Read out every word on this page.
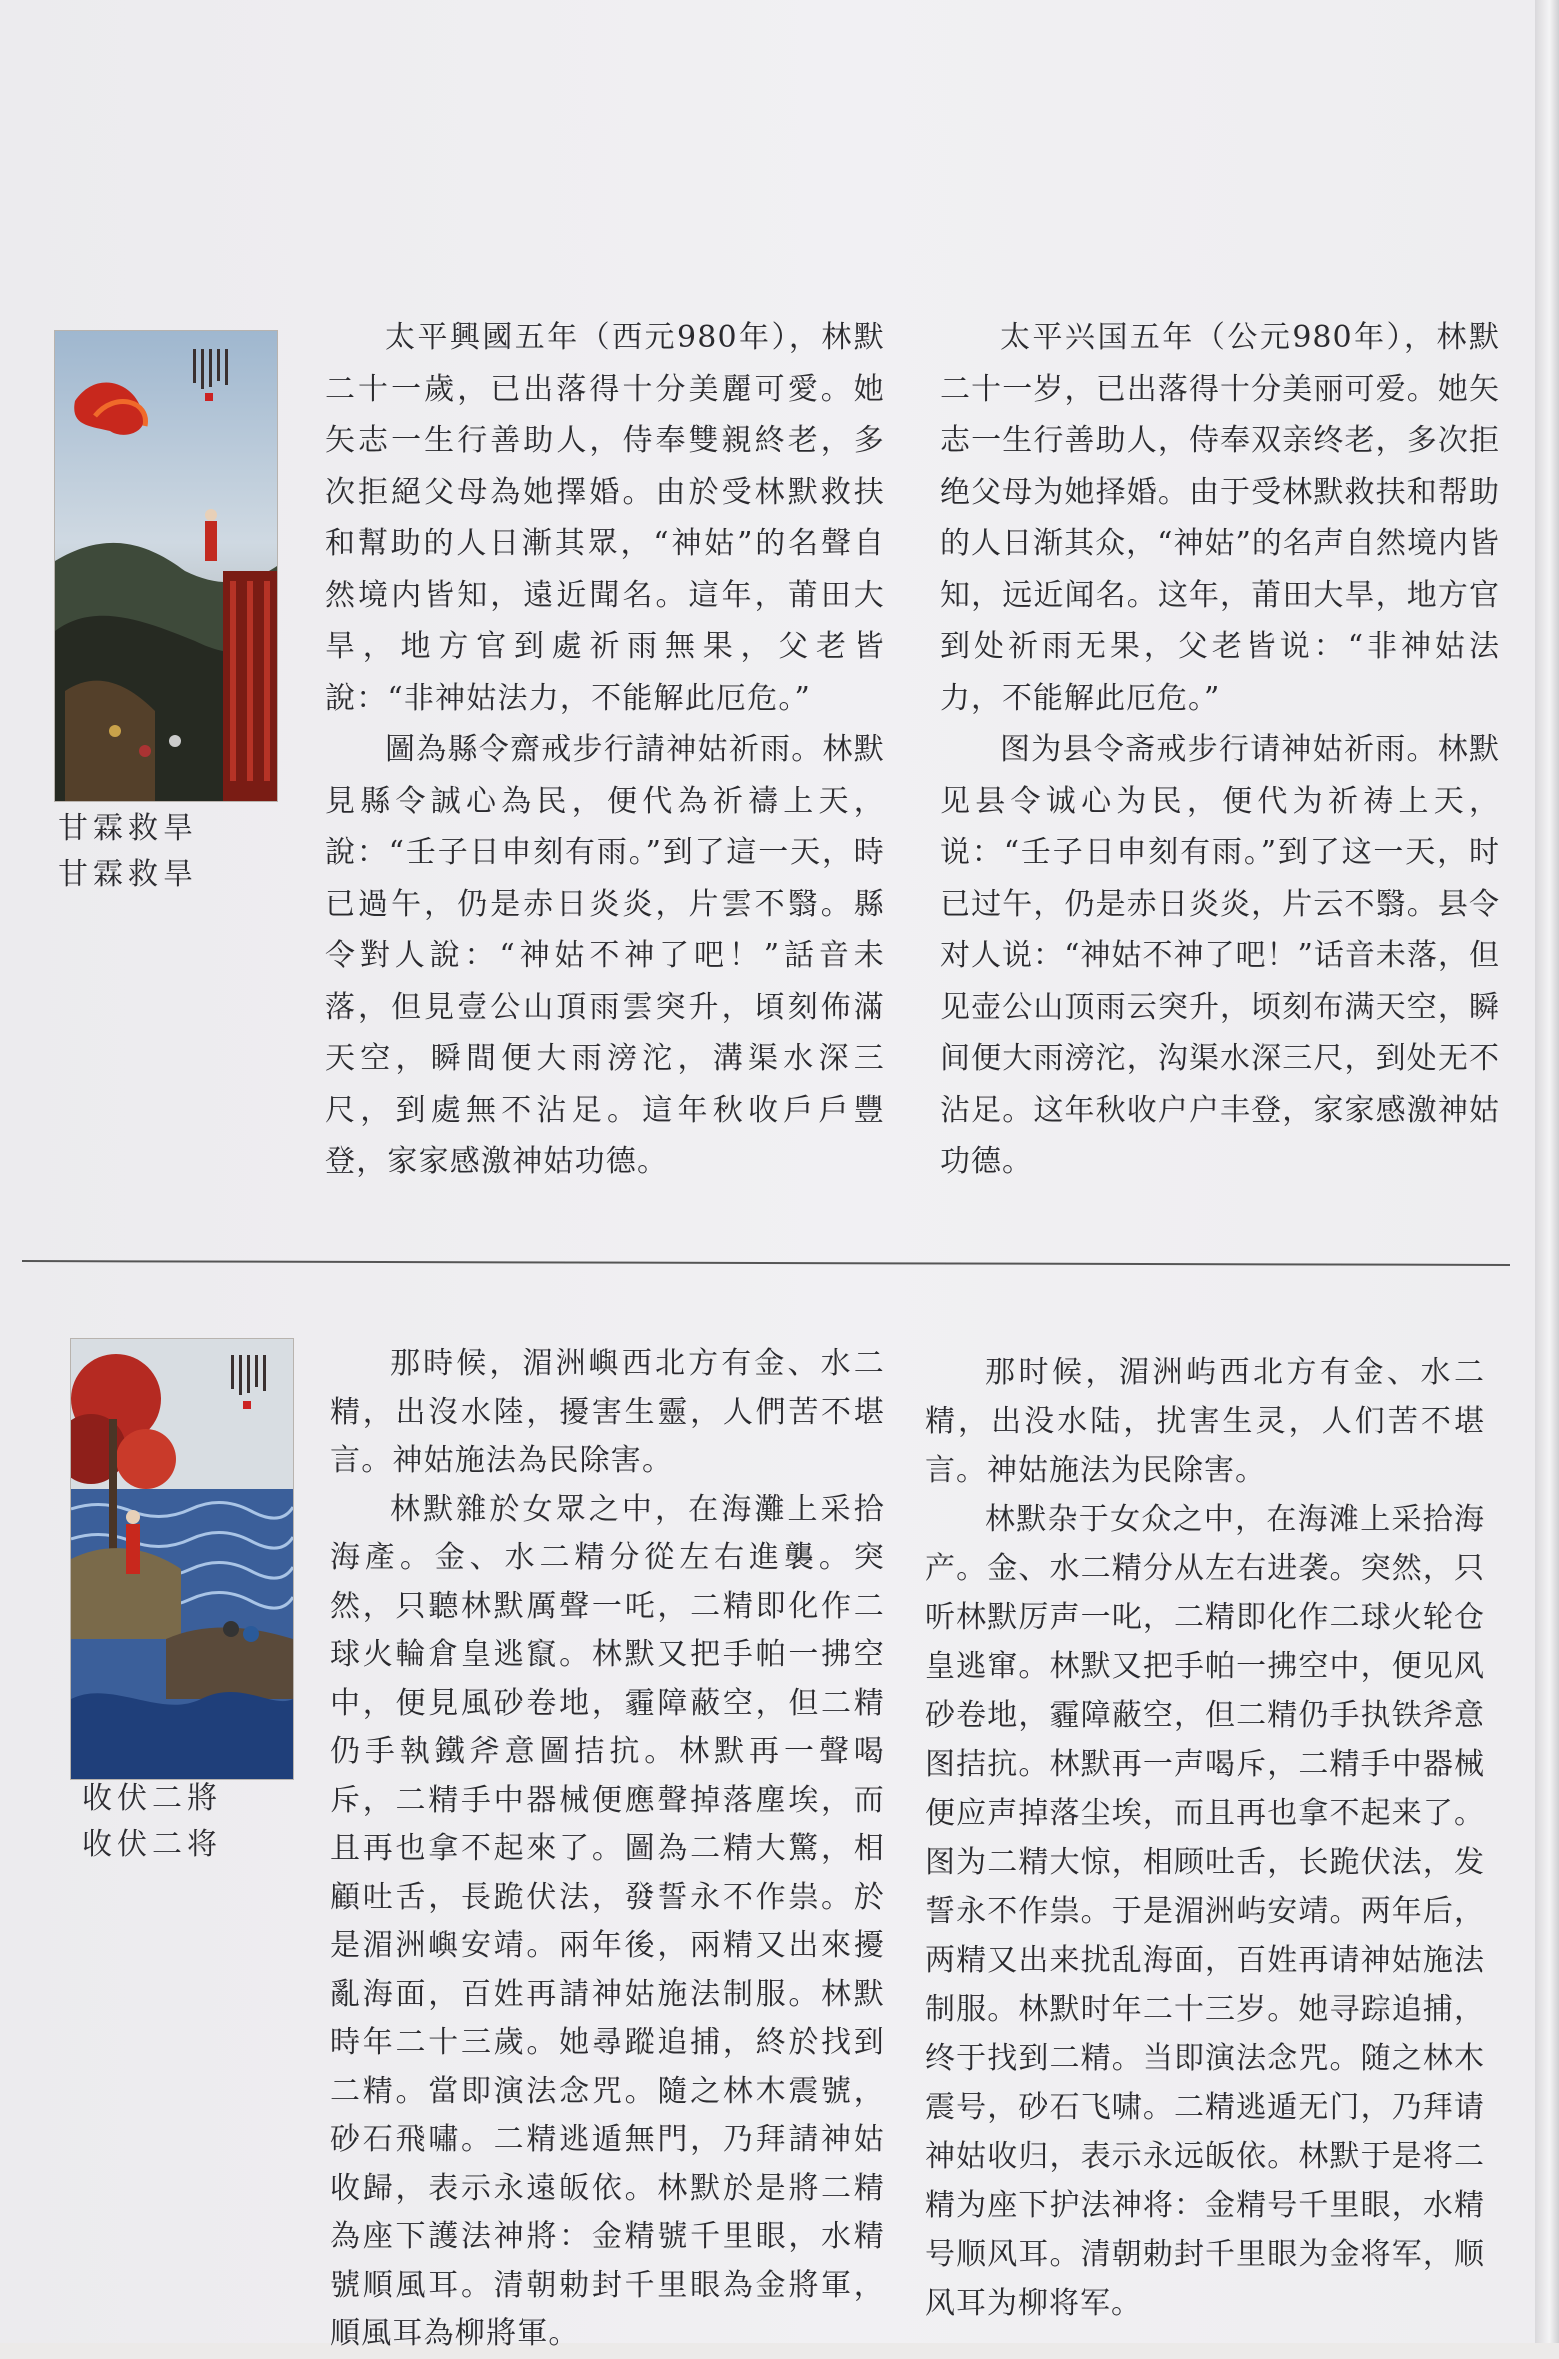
甘霖救旱
甘霖救旱

太平興國五年（西元980年），林默二十一歲，已出落得十分美麗可愛。她矢志一生行善助人，侍奉雙親終老，多次拒絕父母為她擇婚。由於受林默救扶和幫助的人日漸其眾，“神姑”的名聲自然境内皆知，遠近聞名。這年，莆田大旱，地方官到處祈雨無果，父老皆說：“非神姑法力，不能解此厄危。”

圖為縣令齋戒步行請神姑祈雨。林默見縣令誠心為民，便代為祈禱上天，說：“壬子日申刻有雨。”到了這一天，時已過午，仍是赤日炎炎，片雲不翳。縣令對人說：“神姑不神了吧！”話音未落，但見壹公山頂雨雲突升，頃刻佈滿天空，瞬間便大雨滂沱，溝渠水深三尺，到處無不沾足。這年秋收戶戶豐登，家家感激神姑功德。

太平兴国五年（公元980年），林默二十一岁，已出落得十分美丽可爱。她矢志一生行善助人，侍奉双亲终老，多次拒绝父母为她择婚。由于受林默救扶和帮助的人日渐其众，“神姑”的名声自然境内皆知，远近闻名。这年，莆田大旱，地方官到处祈雨无果，父老皆说：“非神姑法力，不能解此厄危。”

图为县令斋戒步行请神姑祈雨。林默见县令诚心为民，便代为祈祷上天，说：“壬子日申刻有雨。”到了这一天，时已过午，仍是赤日炎炎，片云不翳。县令对人说：“神姑不神了吧！”话音未落，但见壶公山顶雨云突升，顷刻布满天空，瞬间便大雨滂沱，沟渠水深三尺，到处无不沾足。这年秋收户户丰登，家家感激神姑功德。

收伏二將
收伏二将

那時候，湄洲嶼西北方有金、水二精，出沒水陸，擾害生靈，人們苦不堪言。神姑施法為民除害。

林默雜於女眾之中，在海灘上采拾海產。金、水二精分從左右進襲。突然，只聽林默厲聲一吒，二精即化作二球火輪倉皇逃竄。林默又把手帕一拂空中，便見風砂卷地，霾障蔽空，但二精仍手執鐵斧意圖拮抗。林默再一聲喝斥，二精手中器械便應聲掉落塵埃，而且再也拿不起來了。圖為二精大驚，相顧吐舌，長跪伏法，發誓永不作祟。於是湄洲嶼安靖。兩年後，兩精又出來擾亂海面，百姓再請神姑施法制服。林默時年二十三歲。她尋蹤追捕，終於找到二精。當即演法念咒。隨之林木震號，砂石飛嘯。二精逃遁無門，乃拜請神姑收歸，表示永遠皈依。林默於是將二精為座下護法神將：金精號千里眼，水精號順風耳。清朝勅封千里眼為金將軍，順風耳為柳將軍。

那时候，湄洲屿西北方有金、水二精，出没水陆，扰害生灵，人们苦不堪言。神姑施法为民除害。

林默杂于女众之中，在海滩上采拾海产。金、水二精分从左右进袭。突然，只听林默厉声一叱，二精即化作二球火轮仓皇逃窜。林默又把手帕一拂空中，便见风砂卷地，霾障蔽空，但二精仍手执铁斧意图拮抗。林默再一声喝斥，二精手中器械便应声掉落尘埃，而且再也拿不起来了。图为二精大惊，相顾吐舌，长跪伏法，发誓永不作祟。于是湄洲屿安靖。两年后，两精又出来扰乱海面，百姓再请神姑施法制服。林默时年二十三岁。她寻踪追捕，终于找到二精。当即演法念咒。随之林木震号，砂石飞啸。二精逃遁无门，乃拜请神姑收归，表示永远皈依。林默于是将二精为座下护法神将：金精号千里眼，水精号顺风耳。清朝勅封千里眼为金将军，顺风耳为柳将军。
